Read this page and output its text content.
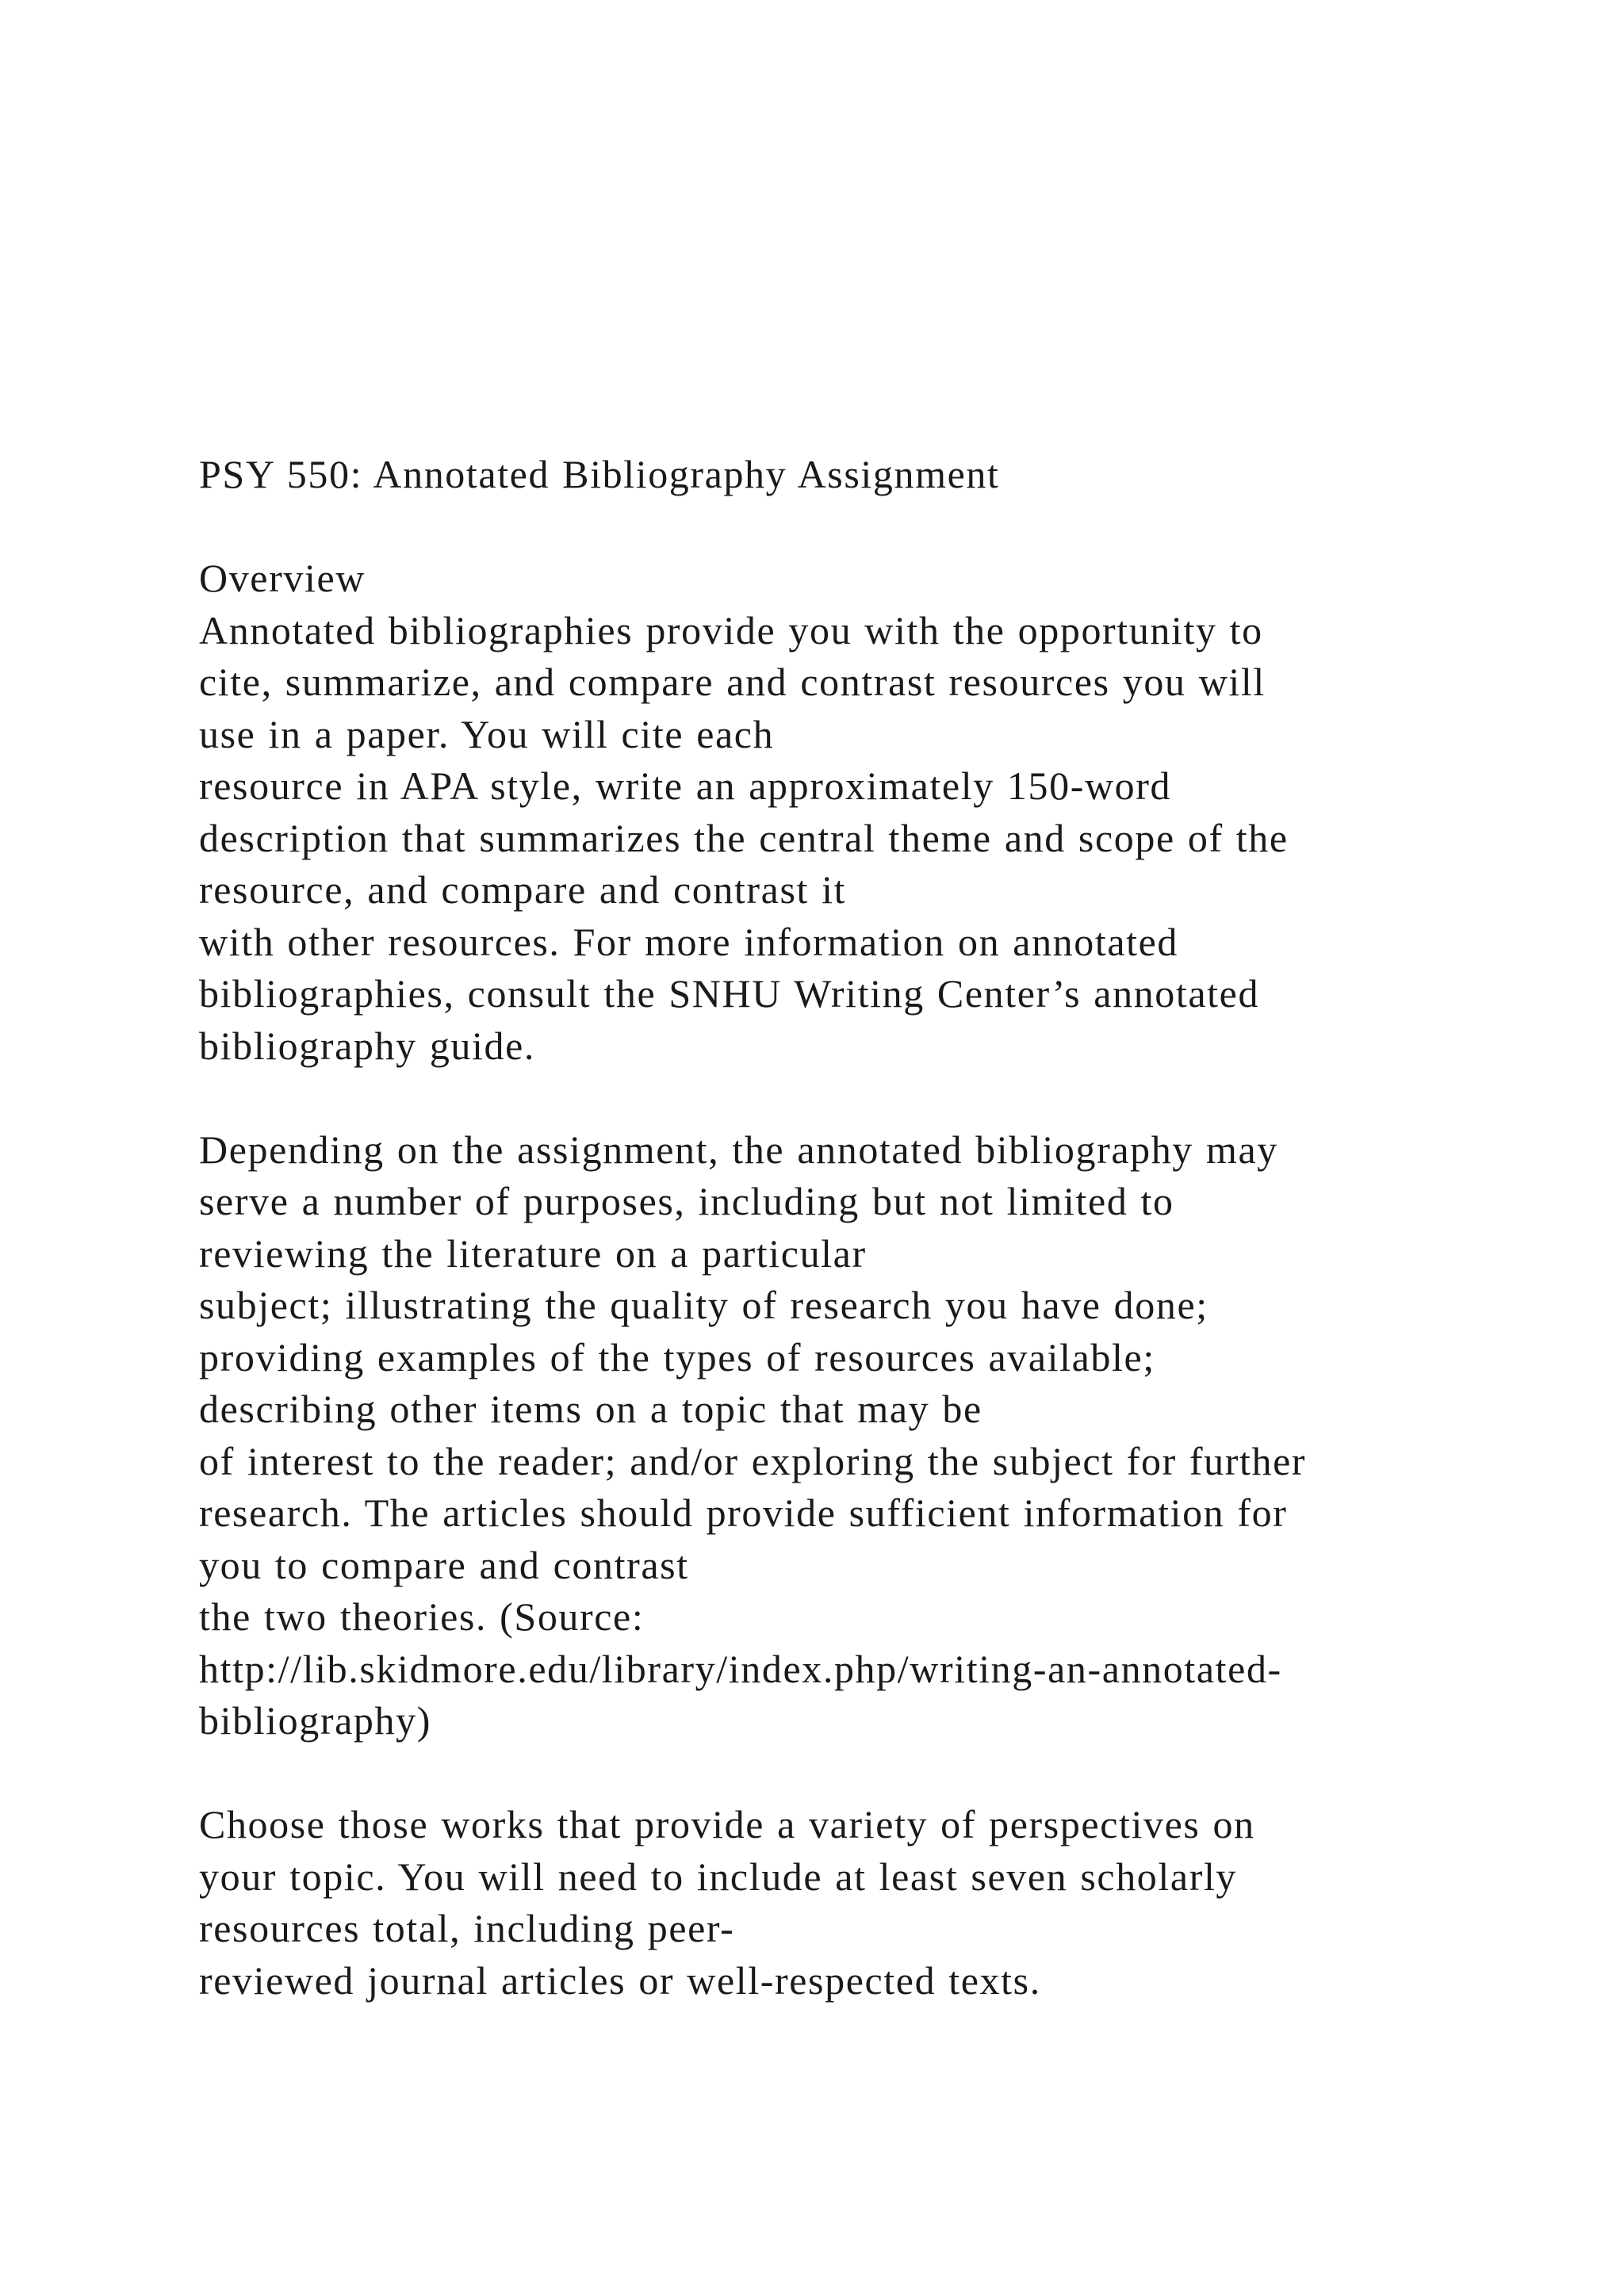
PSY 550: Annotated Bibliography Assignment
Overview
Annotated bibliographies provide you with the opportunity to
cite, summarize, and compare and contrast resources you will
use in a paper. You will cite each
resource in APA style, write an approximately 150-word
description that summarizes the central theme and scope of the
resource, and compare and contrast it
with other resources. For more information on annotated
bibliographies, consult the SNHU Writing Center’s annotated
bibliography guide.
Depending on the assignment, the annotated bibliography may
serve a number of purposes, including but not limited to
reviewing the literature on a particular
subject; illustrating the quality of research you have done;
providing examples of the types of resources available;
describing other items on a topic that may be
of interest to the reader; and/or exploring the subject for further
research. The articles should provide sufficient information for
you to compare and contrast
the two theories. (Source:
http://lib.skidmore.edu/library/index.php/writing-an-annotated-
bibliography)
Choose those works that provide a variety of perspectives on
your topic. You will need to include at least seven scholarly
resources total, including peer-
reviewed journal articles or well-respected texts.
